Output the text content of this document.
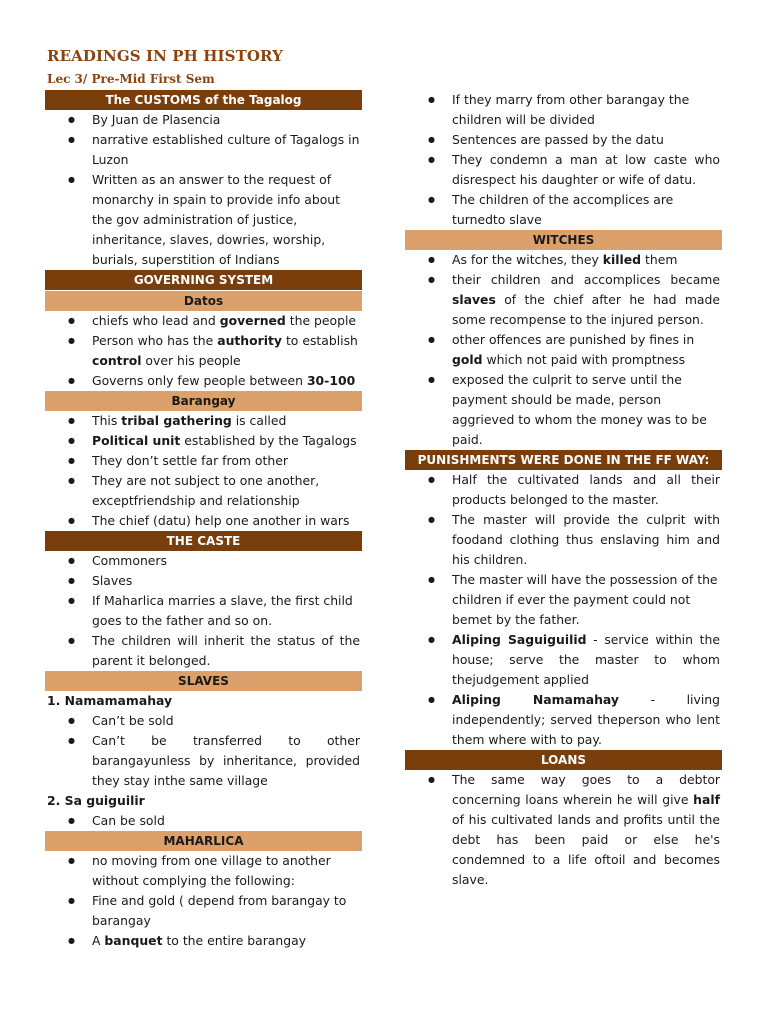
READINGS IN PH HISTORY
Lec 3/ Pre-Mid First Sem
The CUSTOMS of the Tagalog
● By Juan de Plasencia
● narrative established culture of Tagalogs in Luzon
● Written as an answer to the request of monarchy in spain to provide info about the gov administration of justice, inheritance, slaves, dowries, worship, burials, superstition of Indians
GOVERNING SYSTEM
Datos
● chiefs who lead and governed the people
● Person who has the authority to establish control over his people
● Governs only few people between 30-100
Barangay
● This tribal gathering is called
● Political unit established by the Tagalogs
● They don’t settle far from other
● They are not subject to one another, exceptfriendship and relationship
● The chief (datu) help one another in wars
THE CASTE
● Commoners
● Slaves
● If Maharlica marries a slave, the first child goes to the father and so on.
● The children will inherit the status of the parent it belonged.
SLAVES
1. Namamamahay
● Can’t be sold
● Can’t be transferred to other barangayunless by inheritance, provided they stay inthe same village
2. Sa guiguilir
● Can be sold
MAHARLICA
● no moving from one village to another without complying the following:
● Fine and gold ( depend from barangay to barangay
● A banquet to the entire barangay
● If they marry from other barangay the children will be divided
● Sentences are passed by the datu
● They condemn a man at low caste who disrespect his daughter or wife of datu.
● The children of the accomplices are turnedto slave
WITCHES
● As for the witches, they killed them
● their children and accomplices became slaves of the chief after he had made some recompense to the injured person.
● other offences are punished by fines in gold which not paid with promptness
● exposed the culprit to serve until the payment should be made, person aggrieved to whom the money was to be paid.
PUNISHMENTS WERE DONE IN THE FF WAY:
● Half the cultivated lands and all their products belonged to the master.
● The master will provide the culprit with foodand clothing thus enslaving him and his children.
● The master will have the possession of the children if ever the payment could not bemet by the father.
● Aliping Saguiguilid - service within the house; serve the master to whom thejudgement applied
● Aliping Namamahay - living independently; served theperson who lent them where with to pay.
LOANS
● The same way goes to a debtor concerning loans wherein he will give half of his cultivated lands and profits until the debt has been paid or else he's condemned to a life oftoil and becomes slave.
